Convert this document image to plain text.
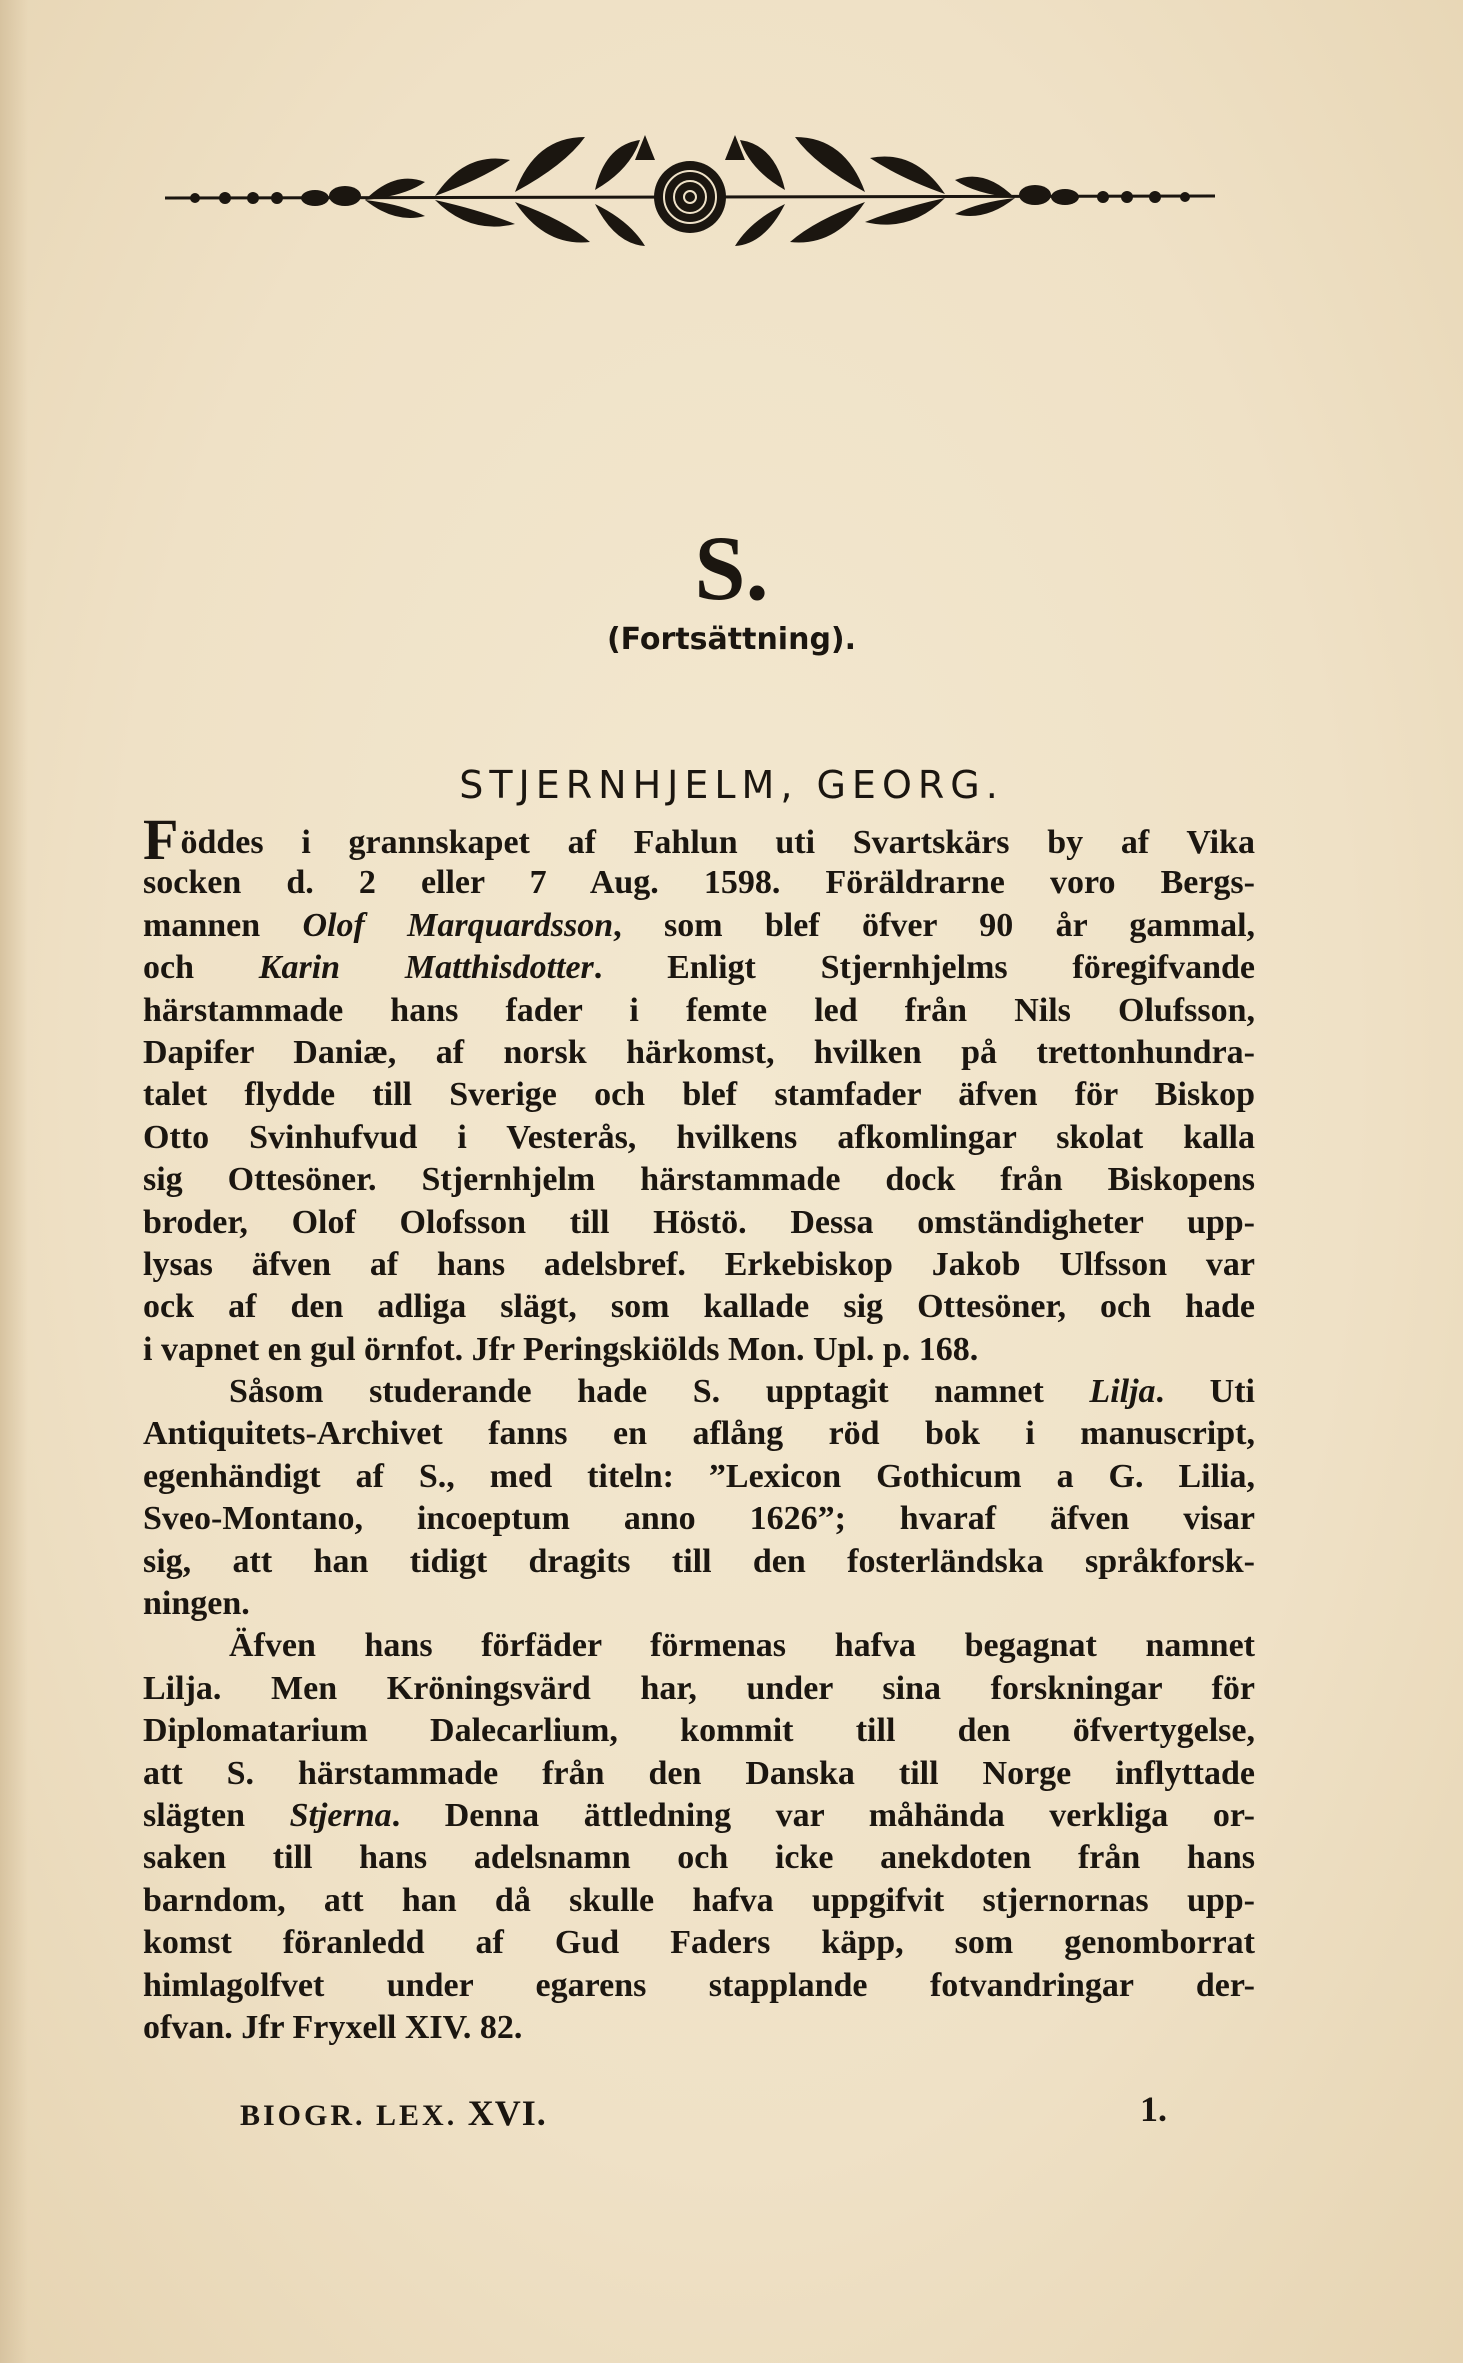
S.
(Fortsättning).
STJERNHJELM, GEORG.
Föddes i grannskapet af Fahlun uti Svartskärs by af Vika
socken d. 2 eller 7 Aug. 1598. Föräldrarne voro Bergs-
mannen Olof Marquardsson, som blef öfver 90 år gammal,
och Karin Matthisdotter. Enligt Stjernhjelms föregifvande
härstammade hans fader i femte led från Nils Olufsson,
Dapifer Daniæ, af norsk härkomst, hvilken på trettonhundra-
talet flydde till Sverige och blef stamfader äfven för Biskop
Otto Svinhufvud i Vesterås, hvilkens afkomlingar skolat kalla
sig Ottesöner. Stjernhjelm härstammade dock från Biskopens
broder, Olof Olofsson till Höstö. Dessa omständigheter upp-
lysas äfven af hans adelsbref. Erkebiskop Jakob Ulfsson var
ock af den adliga slägt, som kallade sig Ottesöner, och hade
i vapnet en gul örnfot. Jfr Peringskiölds Mon. Upl. p. 168.
Såsom studerande hade S. upptagit namnet Lilja. Uti
Antiquitets-Archivet fanns en aflång röd bok i manuscript,
egenhändigt af S., med titeln: ”Lexicon Gothicum a G. Lilia,
Sveo-Montano, incoeptum anno 1626”; hvaraf äfven visar
sig, att han tidigt dragits till den fosterländska språkforsk-
ningen.
Äfven hans förfäder förmenas hafva begagnat namnet
Lilja. Men Kröningsvärd har, under sina forskningar för
Diplomatarium Dalecarlium, kommit till den öfvertygelse,
att S. härstammade från den Danska till Norge inflyttade
slägten Stjerna. Denna ättledning var måhända verkliga or-
saken till hans adelsnamn och icke anekdoten från hans
barndom, att han då skulle hafva uppgifvit stjernornas upp-
komst föranledd af Gud Faders käpp, som genomborrat
himlagolfvet under egarens stapplande fotvandringar der-
ofvan. Jfr Fryxell XIV. 82.
BIOGR. LEX. XVI.	1.
